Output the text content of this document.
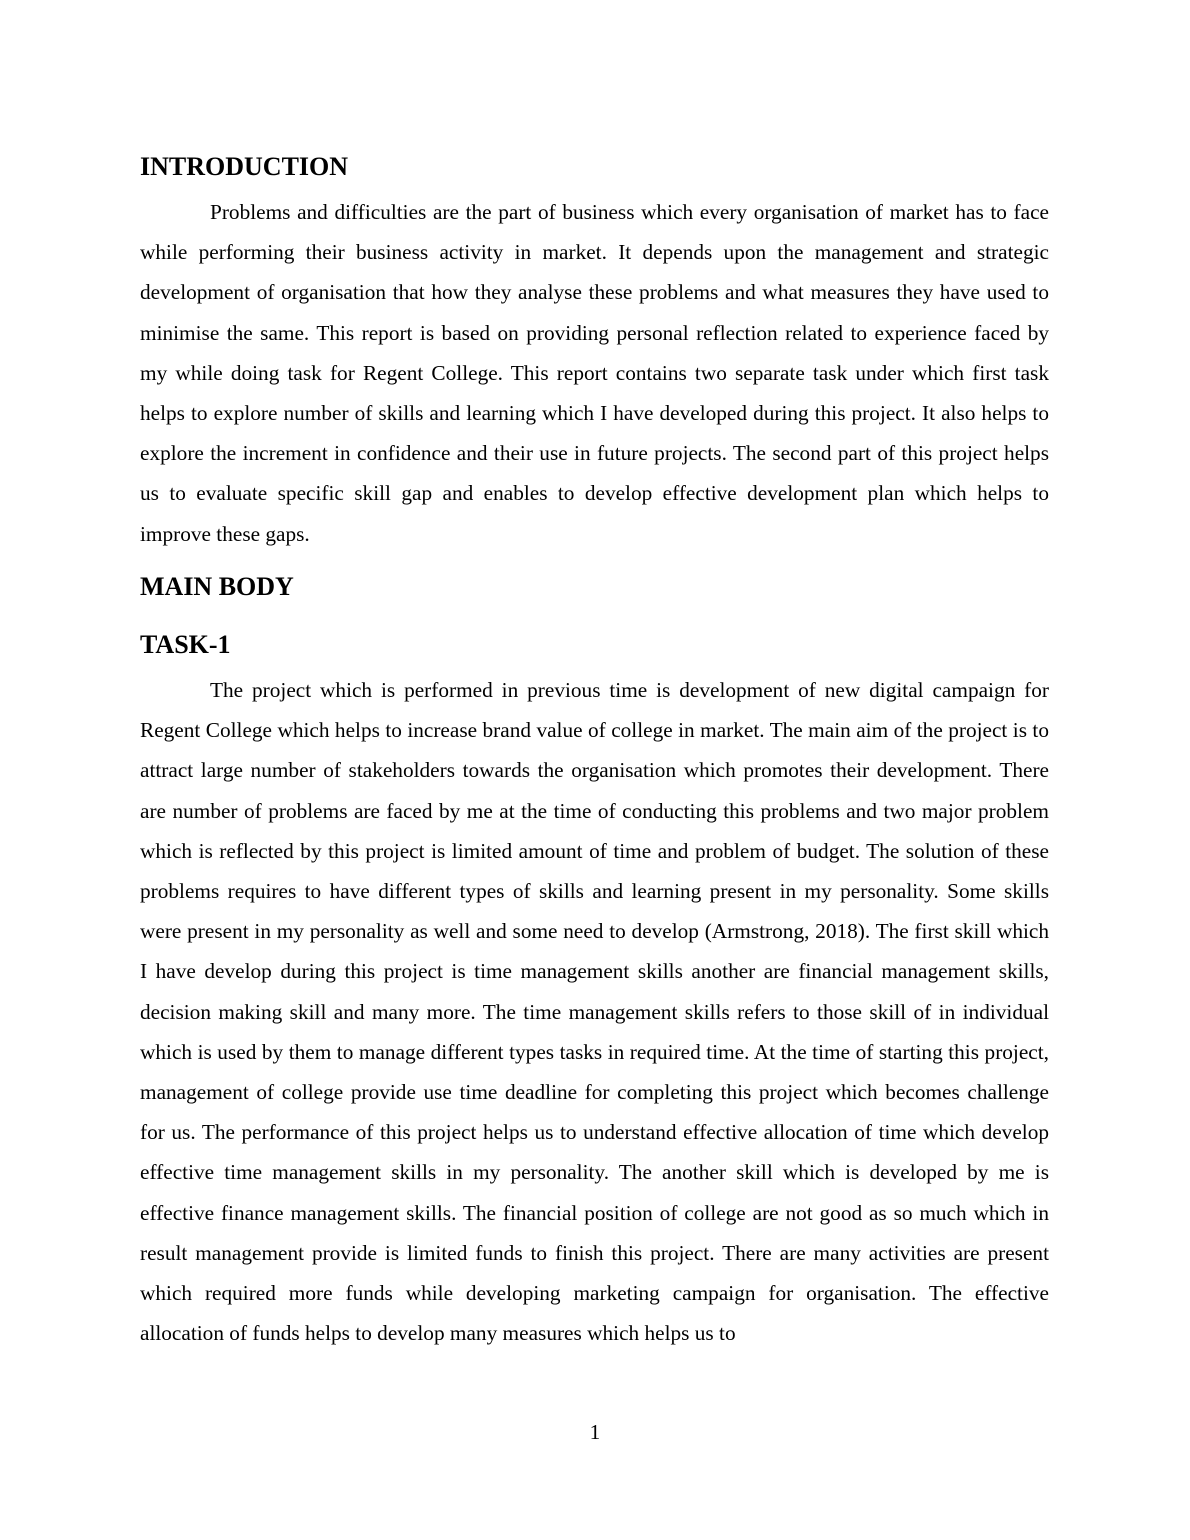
INTRODUCTION

Problems and difficulties are the part of business which every organisation of market has to face while performing their business activity in market. It depends upon the management and strategic development of organisation that how they analyse these problems and what measures they have used to minimise the same. This report is based on providing personal reflection related to experience faced by my while doing task for Regent College. This report contains two separate task under which first task helps to explore number of skills and learning which I have developed during this project. It also helps to explore the increment in confidence and their use in future projects. The second part of this project helps us to evaluate specific skill gap and enables to develop effective development plan which helps to improve these gaps.

MAIN BODY
TASK-1

The project which is performed in previous time is development of new digital campaign for Regent College which helps to increase brand value of college in market. The main aim of the project is to attract large number of stakeholders towards the organisation which promotes their development. There are number of problems are faced by me at the time of conducting this problems and two major problem which is reflected by this project is limited amount of time and problem of budget. The solution of these problems requires to have different types of skills and learning present in my personality. Some skills were present in my personality as well and some need to develop (Armstrong, 2018). The first skill which I have develop during this project is time management skills another are financial management skills, decision making skill and many more. The time management skills refers to those skill of in individual which is used by them to manage different types tasks in required time. At the time of starting this project, management of college provide use time deadline for completing this project which becomes challenge for us. The performance of this project helps us to understand effective allocation of time which develop effective time management skills in my personality. The another skill which is developed by me is effective finance management skills. The financial position of college are not good as so much which in result management provide is limited funds to finish this project. There are many activities are present which required more funds while developing marketing campaign for organisation. The effective allocation of funds helps to develop many measures which helps us to

1
